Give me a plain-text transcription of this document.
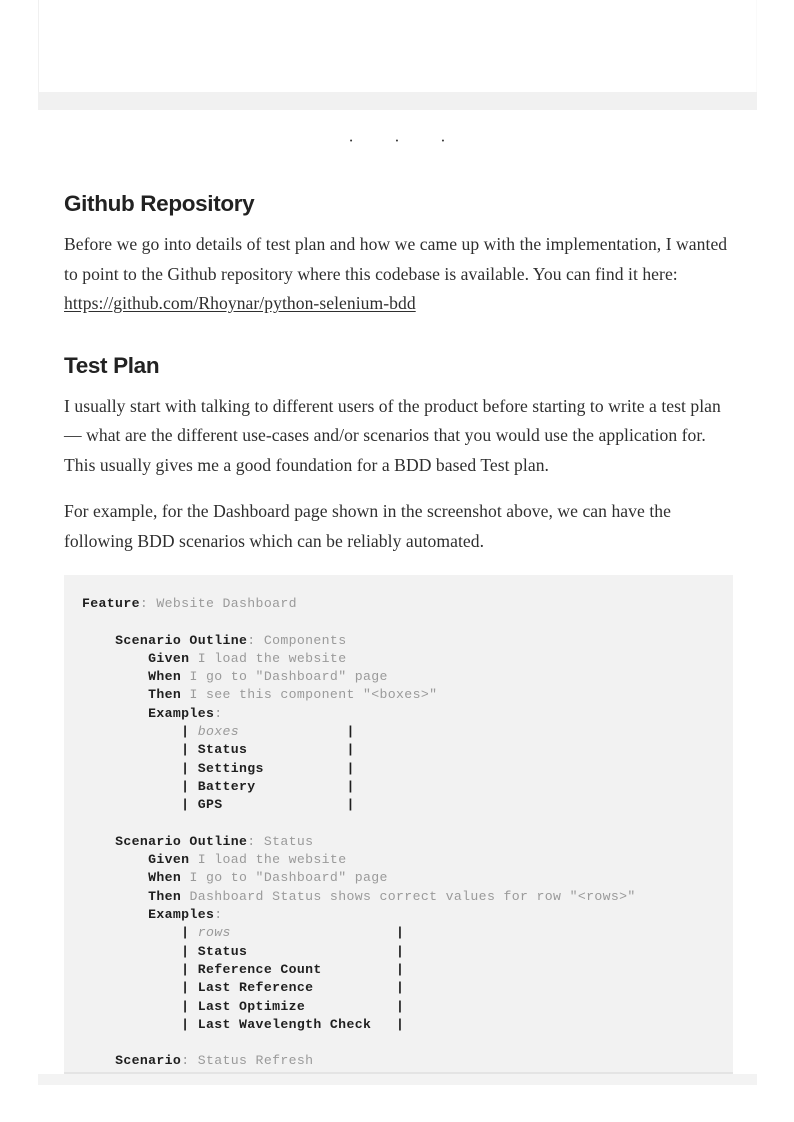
· · ·
Github Repository

Before we go into details of test plan and how we came up with the implementation, I wanted to point to the Github repository where this codebase is available. You can find it here: https://github.com/Rhoynar/python-selenium-bdd

Test Plan

I usually start with talking to different users of the product before starting to write a test plan — what are the different use-cases and/or scenarios that you would use the application for. This usually gives me a good foundation for a BDD based Test plan.

For example, for the Dashboard page shown in the screenshot above, we can have the following BDD scenarios which can be reliably automated.

Feature: Website Dashboard

Scenario Outline: Components
Given I load the website
When I go to "Dashboard" page
Then I see this component "<boxes>"
Examples:
| boxes	|
| Status	|
| Settings	|
| Battery	|
| GPS	|

Scenario Outline: Status
Given I load the website
When I go to "Dashboard" page
Then Dashboard Status shows correct values for row "<rows>"
Examples:
| rows	|
| Status	|
| Reference Count	|
| Last Reference	|
| Last Optimize	|
| Last Wavelength Check |

Scenario: Status Refresh
